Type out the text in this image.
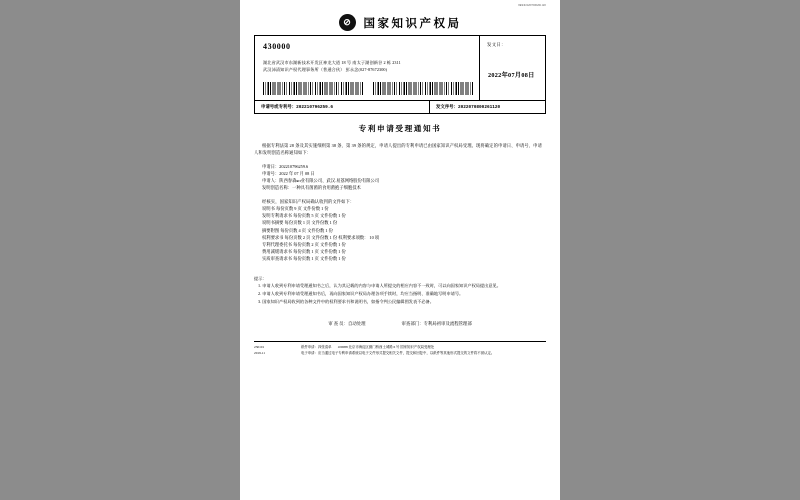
8R2XJ2207000261120
⊘	国家知识产权局
430000
湖北省武汉市东湖新技术开发区神龙大道 18 号 南太子湖创新谷 2 栋 2311
武汉沛清知识产权代理事务所（普通合伙） 彭永念(027-87672300)
发文日：
2022年07月08日
申请号或专利号：202210796259.6	发文序号：2022070800261120
专利申请受理通知书
根据专利法第 28 条及其实施细则第 38 条、第 39 条的规定，申请人提出的专利申请已由国家知识产权局受理。现将确定的申请日、申请号、申请人和发明创造名称通知如下：
申请日：202210796259.6
申请号：2022 年 07 月 08 日
申请人：陕西春森яп业有限公司、武汉.易荔网络股份有限公司
发明创造名称：一种具有菌菌的食用菌抱子细胞技术
经核实，国家知识产权局确认收到的文件如下：
说明书 每份页数 9 页 文件份数 1 份
发明专利请求书 每份页数 5 页 文件份数 1 份
说明书摘要 每份页数 1 页 文件份数 1 份
摘要附图 每份页数 4 页 文件份数 1 份
权利要求书 每份页数 2 页 文件份数 1 份 权利要求项数： 10 项
专利代理委托书 每份页数 2 页 文件份数 1 份
费用减缓请求书 每份页数 1 页 文件份数 1 份
实质审查请求书 每份页数 1 页 文件份数 1 份
提示：
1. 申请人收到专利申请受理通知书之后，认为其记载的内容与申请人所提交的相应内容不一致时，可以向国家知识产权局提出意见。
2. 申请人收到专利申请受理通知书后，再向国家知识产权局办理各项手续时，均应当指明、准确地写明申请号。
3. 国家知识产权局收到的各种文件中的权利要求书和说明书，如指令判公民编辑图发表不必备。
审 查 员：自动处理	审查部门：专利局初审及流程管理部
230101
2019.11
纸件申请：四张清单 100088 北京市海淀区蓟门桥西土城路 6 号 国家知识产权局受理处
电子申请：应当通过电子专利申请系统以电子文件形式提交相关文件，提交和回复中，以纸件等其他形式提交的文件将不被认定。
